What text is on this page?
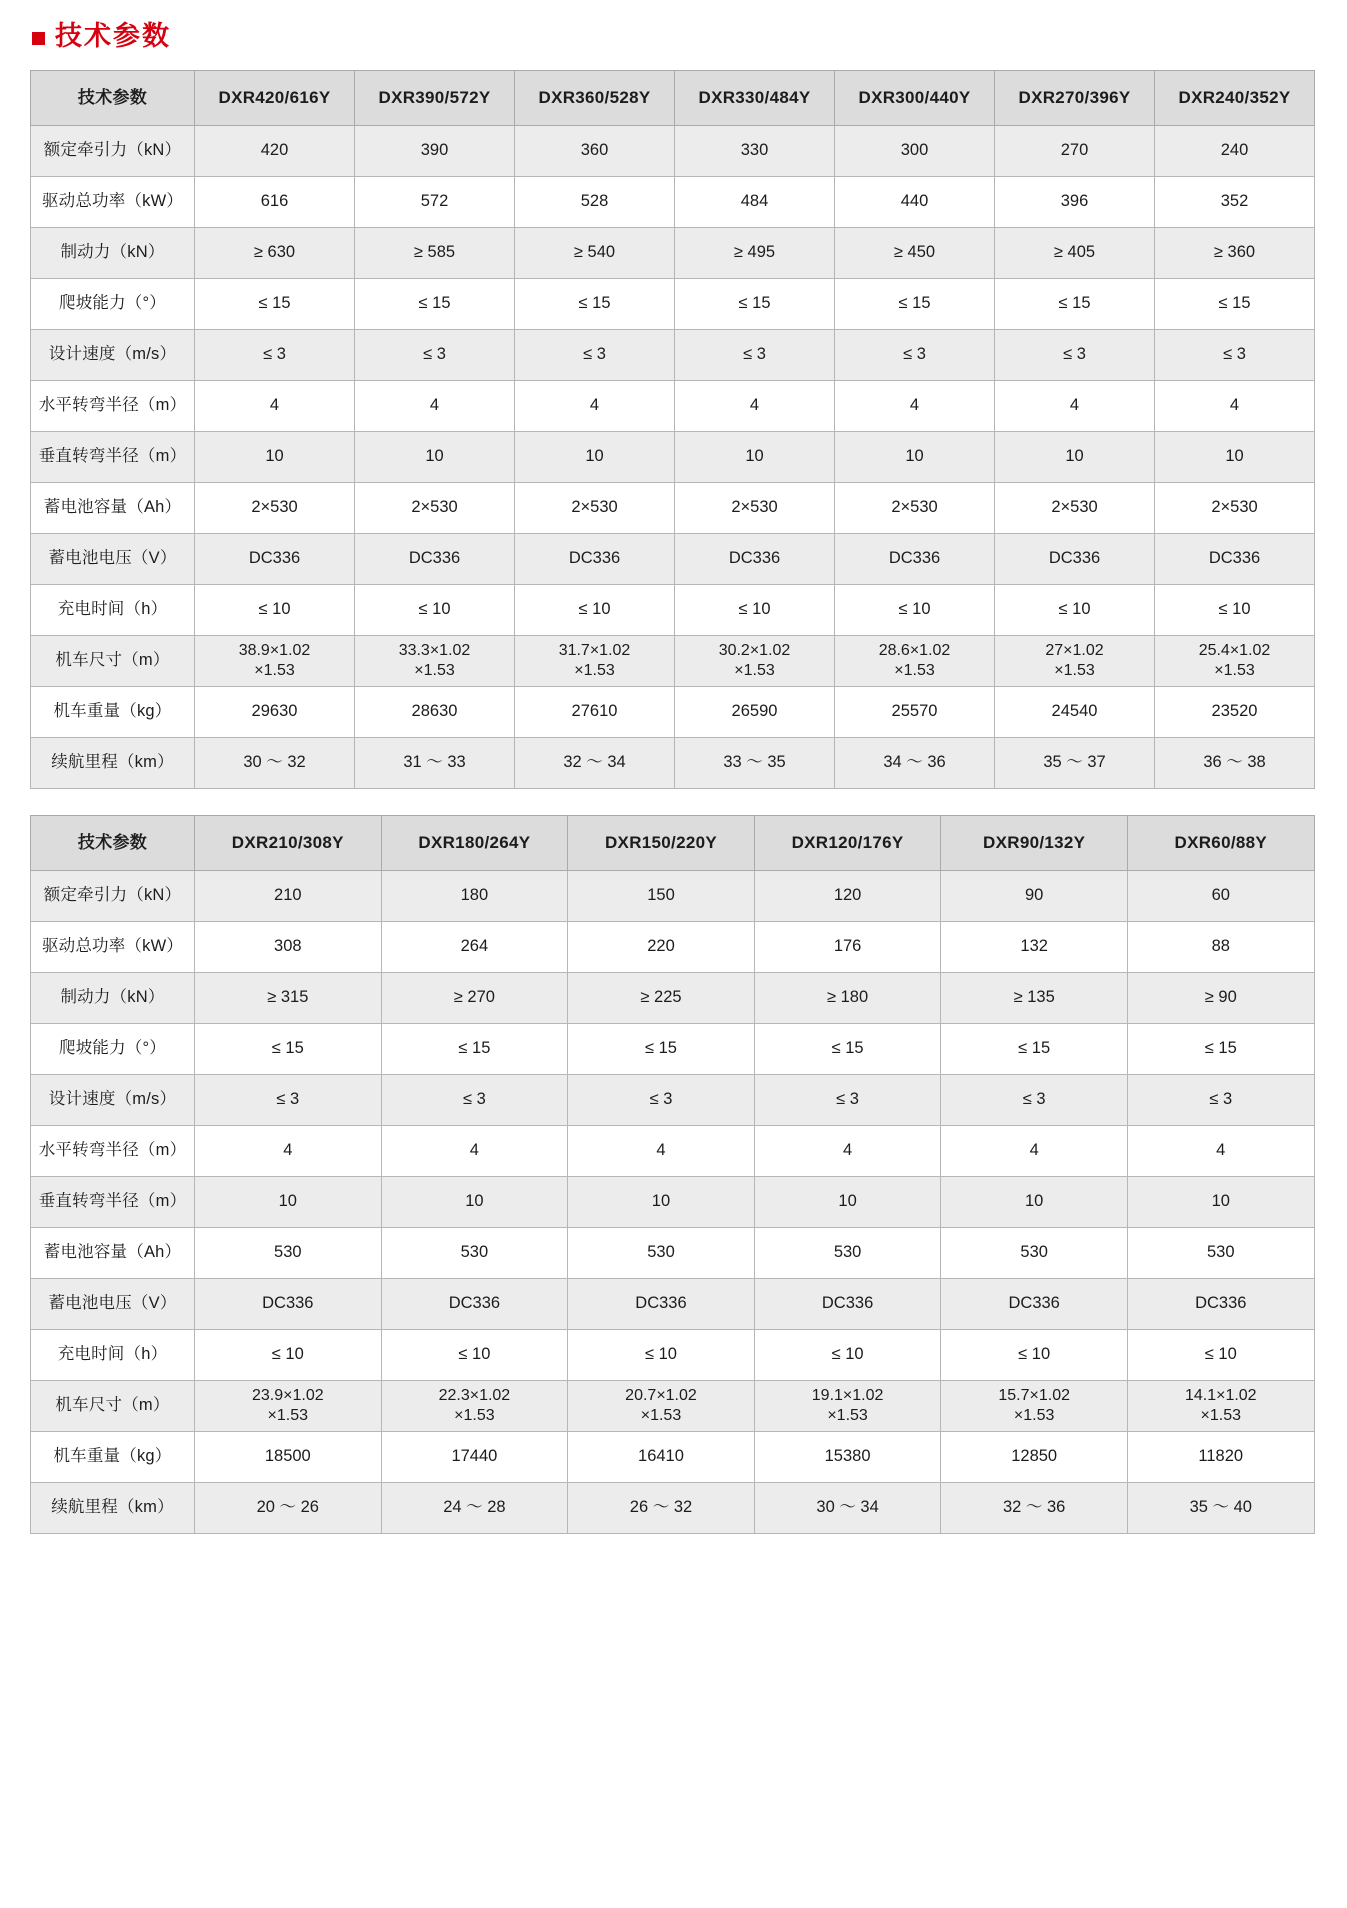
技术参数
技术参数	DXR420/616Y	DXR390/572Y	DXR360/528Y	DXR330/484Y	DXR300/440Y	DXR270/396Y	DXR240/352Y
额定牵引力（kN）	420	390	360	330	300	270	240
驱动总功率（kW）	616	572	528	484	440	396	352
制动力（kN）	≥ 630	≥ 585	≥ 540	≥ 495	≥ 450	≥ 405	≥ 360
爬坡能力（°）	≤ 15	≤ 15	≤ 15	≤ 15	≤ 15	≤ 15	≤ 15
设计速度（m/s）	≤ 3	≤ 3	≤ 3	≤ 3	≤ 3	≤ 3	≤ 3
水平转弯半径（m）	4	4	4	4	4	4	4
垂直转弯半径（m）	10	10	10	10	10	10	10
蓄电池容量（Ah）	2×530	2×530	2×530	2×530	2×530	2×530	2×530
蓄电池电压（V）	DC336	DC336	DC336	DC336	DC336	DC336	DC336
充电时间（h）	≤ 10	≤ 10	≤ 10	≤ 10	≤ 10	≤ 10	≤ 10
机车尺寸（m）	38.9×1.02
×1.53	33.3×1.02
×1.53	31.7×1.02
×1.53	30.2×1.02
×1.53	28.6×1.02
×1.53	27×1.02
×1.53	25.4×1.02
×1.53

机车重量（kg）	29630	28630	27610	26590	25570	24540	23520
续航里程（km）	30 ～ 32	31 ～ 33	32 ～ 34	33 ～ 35	34 ～ 36	35 ～ 37	36 ～ 38
技术参数	DXR210/308Y	DXR180/264Y	DXR150/220Y	DXR120/176Y	DXR90/132Y	DXR60/88Y
额定牵引力（kN）	210	180	150	120	90	60
驱动总功率（kW）	308	264	220	176	132	88
制动力（kN）	≥ 315	≥ 270	≥ 225	≥ 180	≥ 135	≥ 90
爬坡能力（°）	≤ 15	≤ 15	≤ 15	≤ 15	≤ 15	≤ 15
设计速度（m/s）	≤ 3	≤ 3	≤ 3	≤ 3	≤ 3	≤ 3
水平转弯半径（m）	4	4	4	4	4	4
垂直转弯半径（m）	10	10	10	10	10	10
蓄电池容量（Ah）	530	530	530	530	530	530
蓄电池电压（V）	DC336	DC336	DC336	DC336	DC336	DC336
充电时间（h）	≤ 10	≤ 10	≤ 10	≤ 10	≤ 10	≤ 10
机车尺寸（m）	23.9×1.02
×1.53	22.3×1.02
×1.53	20.7×1.02
×1.53	19.1×1.02
×1.53	15.7×1.02
×1.53	14.1×1.02
×1.53

机车重量（kg）	18500	17440	16410	15380	12850	11820
续航里程（km）	20 ～ 26	24 ～ 28	26 ～ 32	30 ～ 34	32 ～ 36	35 ～ 40
